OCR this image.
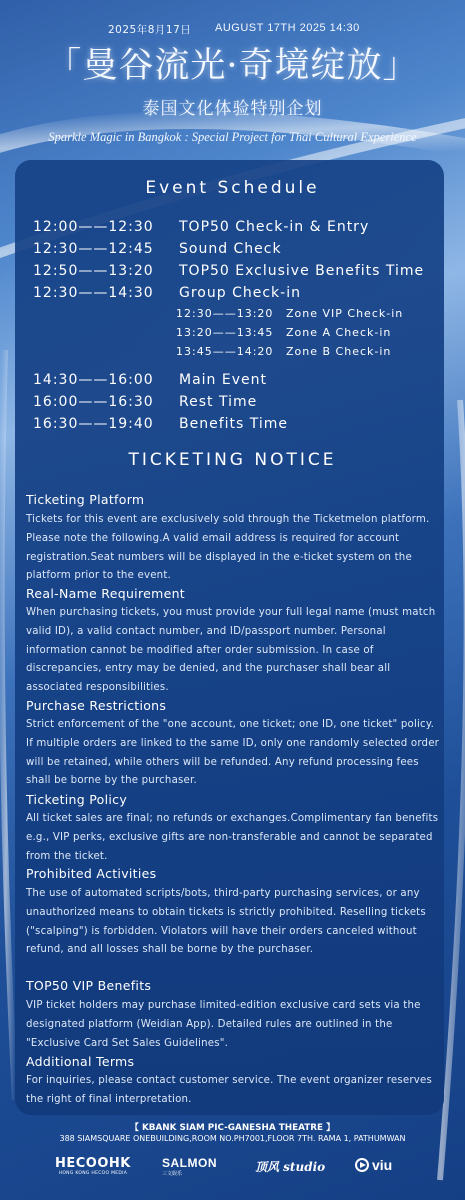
2025年8月17日 AUGUST 17TH 2025 14:30
「曼谷流光·奇境绽放」
泰国文化体验特别企划
Sparkle Magic in Bangkok : Special Project for Thai Cultural Experience
Event Schedule
12:00——12:30 TOP50 Check-in & Entry
12:30——12:45 Sound Check
12:50——13:20 TOP50 Exclusive Benefits Time
12:30——14:30 Group Check-in
12:30——13:20 Zone VIP Check-in
13:20——13:45 Zone A Check-in
13:45——14:20 Zone B Check-in
14:30——16:00 Main Event
16:00——16:30 Rest Time
16:30——19:40 Benefits Time
TICKETING NOTICE
Ticketing Platform
Tickets for this event are exclusively sold through the Ticketmelon platform. Please note the following.A valid email address is required for account registration.Seat numbers will be displayed in the e-ticket system on the platform prior to the event.
Real-Name Requirement
When purchasing tickets, you must provide your full legal name (must match valid ID), a valid contact number, and ID/passport number. Personal information cannot be modified after order submission. In case of discrepancies, entry may be denied, and the purchaser shall bear all associated responsibilities.
Purchase Restrictions
Strict enforcement of the "one account, one ticket; one ID, one ticket" policy. If multiple orders are linked to the same ID, only one randomly selected order will be retained, while others will be refunded. Any refund processing fees shall be borne by the purchaser.
Ticketing Policy
All ticket sales are final; no refunds or exchanges.Complimentary fan benefits e.g., VIP perks, exclusive gifts are non-transferable and cannot be separated from the ticket.
Prohibited Activities
The use of automated scripts/bots, third-party purchasing services, or any unauthorized means to obtain tickets is strictly prohibited. Reselling tickets ("scalping") is forbidden. Violators will have their orders canceled without refund, and all losses shall be borne by the purchaser.
TOP50 VIP Benefits
VIP ticket holders may purchase limited-edition exclusive card sets via the designated platform (Weidian App). Detailed rules are outlined in the "Exclusive Card Set Sales Guidelines".
Additional Terms
For inquiries, please contact customer service. The event organizer reserves the right of final interpretation.
【 KBANK SIAM PIC-GANESHA THEATRE 】
388 SIAMSQUARE ONEBUILDING,ROOM NO.PH7001,FLOOR 7TH. RAMA 1, PATHUMWAN
HECOOHK
HONG KONG HECOO MEDIA
SALMON
三文娱乐	顶风 studio	viu
